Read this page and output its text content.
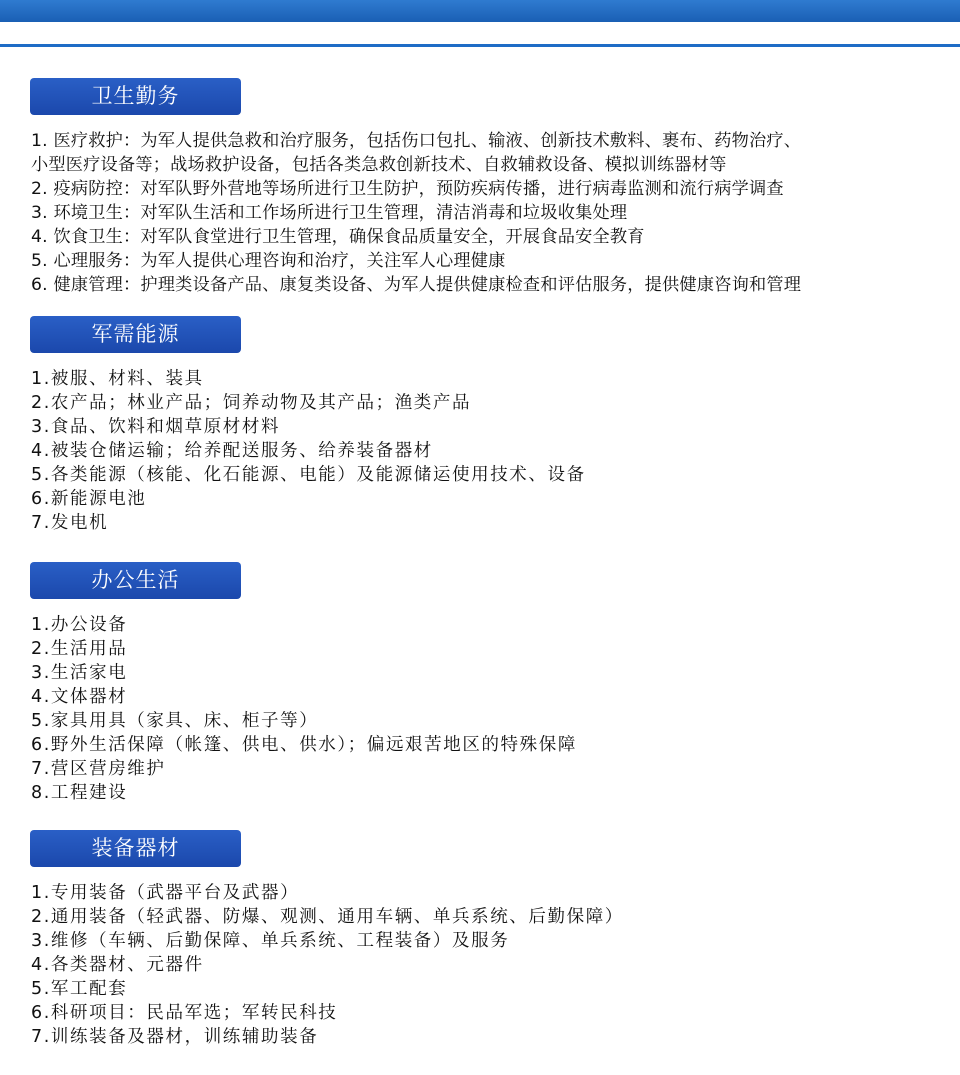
卫生勤务
1. 医疗救护：为军人提供急救和治疗服务，包括伤口包扎、输液、创新技术敷料、裹布、药物治疗、
小型医疗设备等；战场救护设备，包括各类急救创新技术、自救辅救设备、模拟训练器材等
2. 疫病防控：对军队野外营地等场所进行卫生防护，预防疾病传播，进行病毒监测和流行病学调查
3. 环境卫生：对军队生活和工作场所进行卫生管理，清洁消毒和垃圾收集处理
4. 饮食卫生：对军队食堂进行卫生管理，确保食品质量安全，开展食品安全教育
5. 心理服务：为军人提供心理咨询和治疗，关注军人心理健康
6. 健康管理：护理类设备产品、康复类设备、为军人提供健康检查和评估服务，提供健康咨询和管理
军需能源
1.被服、材料、装具
2.农产品；林业产品；饲养动物及其产品；渔类产品
3.食品、饮料和烟草原材材料
4.被装仓储运输；给养配送服务、给养装备器材
5.各类能源（核能、化石能源、电能）及能源储运使用技术、设备
6.新能源电池
7.发电机
办公生活
1.办公设备
2.生活用品
3.生活家电
4.文体器材
5.家具用具（家具、床、柜子等）
6.野外生活保障（帐篷、供电、供水）；偏远艰苦地区的特殊保障
7.营区营房维护
8.工程建设
装备器材
1.专用装备（武器平台及武器）
2.通用装备（轻武器、防爆、观测、通用车辆、单兵系统、后勤保障）
3.维修（车辆、后勤保障、单兵系统、工程装备）及服务
4.各类器材、元器件
5.军工配套
6.科研项目：民品军选；军转民科技
7.训练装备及器材，训练辅助装备
